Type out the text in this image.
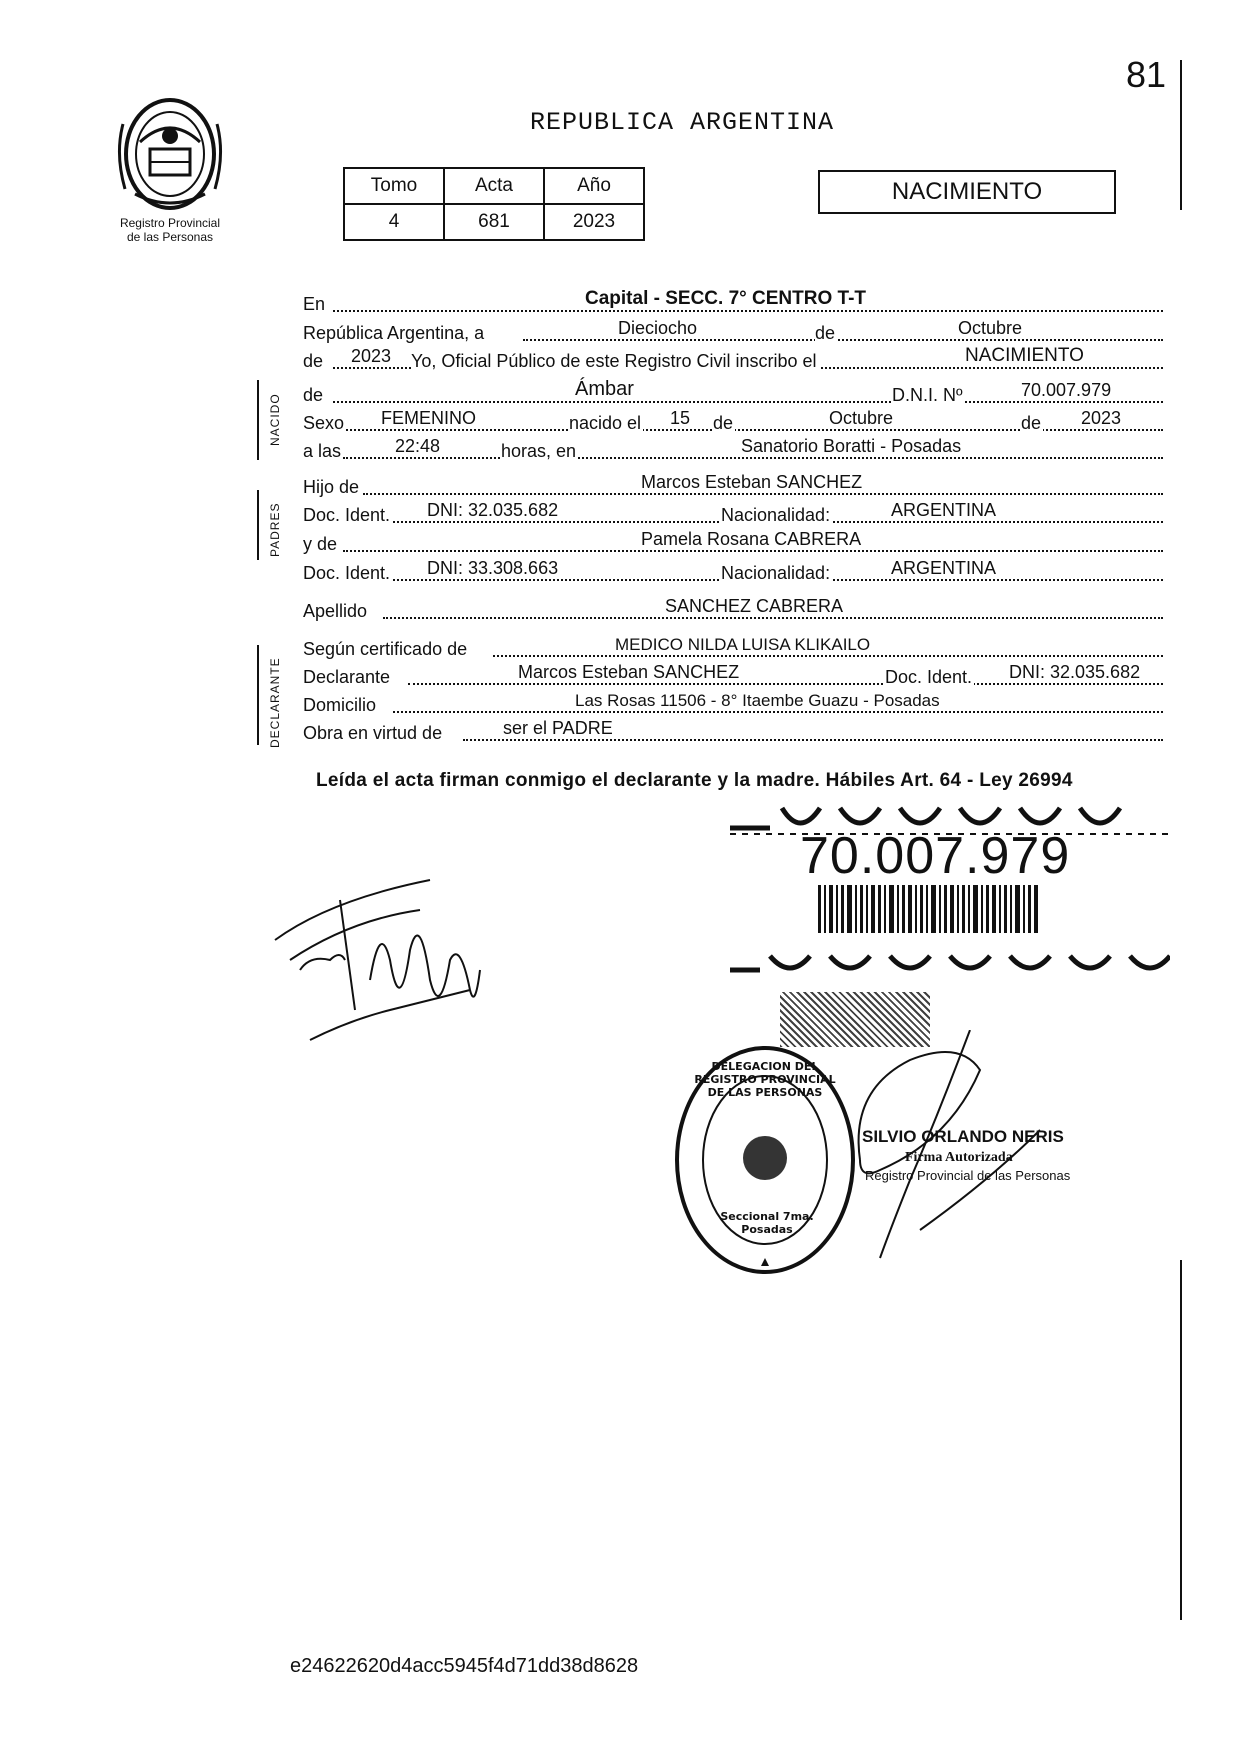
81
Registro Provincial
de las Personas
REPUBLICA ARGENTINA
Tomo	Acta	Año
4	681	2023
NACIMIENTO
En	Capital - SECC. 7° CENTRO T-T
República Argentina, a	Dieciocho	de	Octubre
de 2023 Yo, Oficial Público de este Registro Civil inscribo el	NACIMIENTO
de	Ámbar	D.N.I. Nº	70.007.979
Sexo FEMENINO	nacido el 15 de	Octubre	de 2023
a las	22:48	horas, en	Sanatorio Boratti - Posadas
Hijo de	Marcos Esteban SANCHEZ
Doc. Ident. DNI: 32.035.682	Nacionalidad:	ARGENTINA
y de	Pamela Rosana CABRERA
Doc. Ident. DNI: 33.308.663	Nacionalidad:	ARGENTINA
Apellido	SANCHEZ CABRERA
Según certificado de	MEDICO NILDA LUISA KLIKAILO
Declarante	Marcos Esteban SANCHEZ	Doc. Ident. DNI: 32.035.682
Domicilio	Las Rosas 11506 - 8° Itaembe Guazu - Posadas
Obra en virtud de	ser el PADRE
NACIDO
PADRES
DECLARANTE
Leída el acta firman conmigo el declarante y la madre. Hábiles Art. 64 - Ley 26994
70.007.979
DELEGACION DEL REGISTRO PROVINCIAL DE LAS PERSONAS
Seccional 7ma. Posadas
SILVIO ORLANDO NERIS
Firma Autorizada
Registro Provincial de las Personas
e24622620d4acc5945f4d71dd38d8628
